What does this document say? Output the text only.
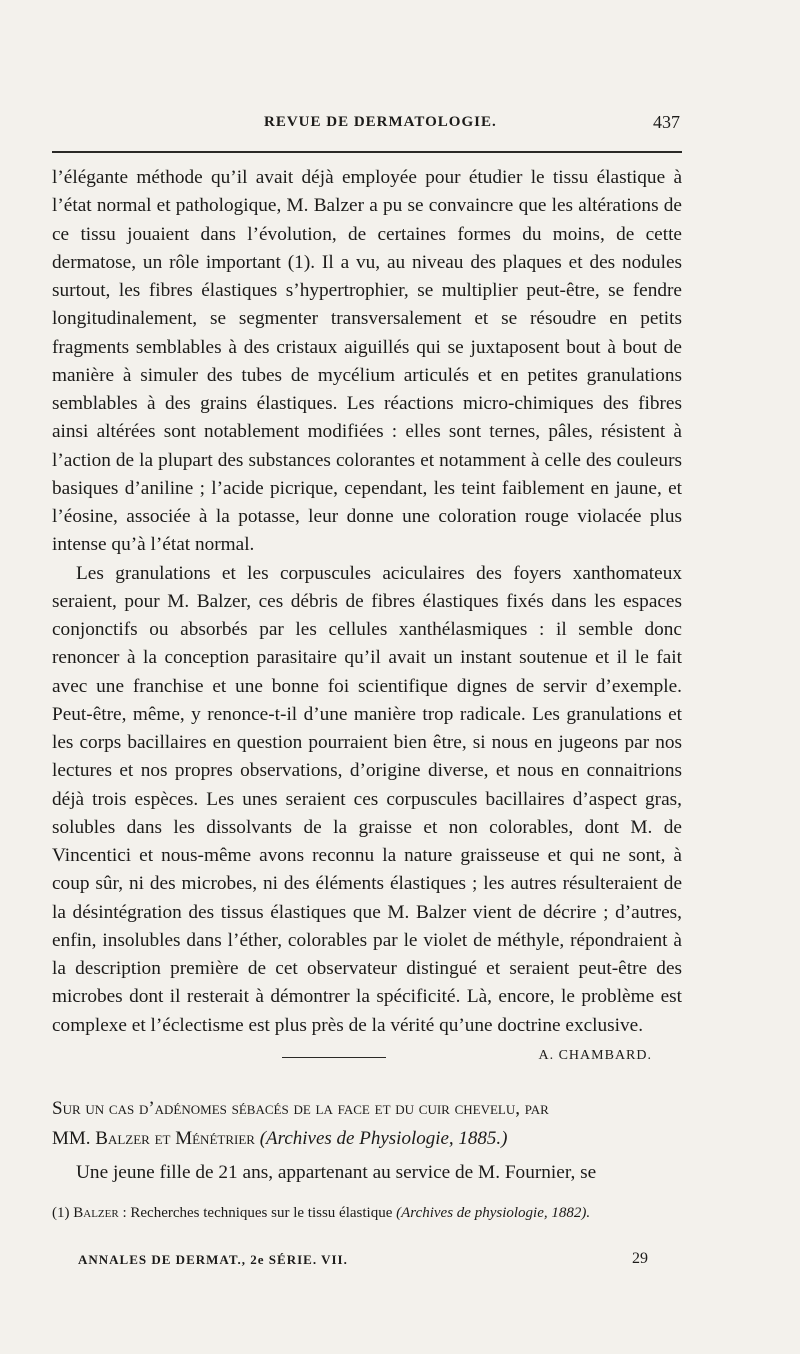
REVUE DE DERMATOLOGIE.	437

l’élégante méthode qu’il avait déjà employée pour étudier le tissu élastique à l’état normal et pathologique, M. Balzer a pu se convaincre que les altérations de ce tissu jouaient dans l’évolution, de certaines formes du moins, de cette dermatose, un rôle important (1). Il a vu, au niveau des plaques et des nodules surtout, les fibres élastiques s’hypertrophier, se multiplier peut-être, se fendre longitudinalement, se segmenter transversalement et se résoudre en petits fragments semblables à des cristaux aiguillés qui se juxtaposent bout à bout de manière à simuler des tubes de mycélium articulés et en petites granulations semblables à des grains élastiques. Les réactions micro-chimiques des fibres ainsi altérées sont notablement modifiées : elles sont ternes, pâles, résistent à l’action de la plupart des substances colorantes et notamment à celle des couleurs basiques d’aniline ; l’acide picrique, cependant, les teint faiblement en jaune, et l’éosine, associée à la potasse, leur donne une coloration rouge violacée plus intense qu’à l’état normal.

Les granulations et les corpuscules aciculaires des foyers xanthomateux seraient, pour M. Balzer, ces débris de fibres élastiques fixés dans les espaces conjonctifs ou absorbés par les cellules xanthélasmiques : il semble donc renoncer à la conception parasitaire qu’il avait un instant soutenue et il le fait avec une franchise et une bonne foi scientifique dignes de servir d’exemple. Peut-être, même, y renonce-t-il d’une manière trop radicale. Les granulations et les corps bacillaires en question pourraient bien être, si nous en jugeons par nos lectures et nos propres observations, d’origine diverse, et nous en connaitrions déjà trois espèces. Les unes seraient ces corpuscules bacillaires d’aspect gras, solubles dans les dissolvants de la graisse et non colorables, dont M. de Vincentici et nous-même avons reconnu la nature graisseuse et qui ne sont, à coup sûr, ni des microbes, ni des éléments élastiques ; les autres résulteraient de la désintégration des tissus élastiques que M. Balzer vient de décrire ; d’autres, enfin, insolubles dans l’éther, colorables par le violet de méthyle, répondraient à la description première de cet observateur distingué et seraient peut-être des microbes dont il resterait à démontrer la spécificité. Là, encore, le problème est complexe et l’éclectisme est plus près de la vérité qu’une doctrine exclusive.
A. CHAMBARD.

Sur un cas d’adénomes sébacés de la face et du cuir chevelu, par
MM. Balzer et Ménétrier (Archives de Physiologie, 1885.)
Une jeune fille de 21 ans, appartenant au service de M. Fournier, se
(1) Balzer : Recherches techniques sur le tissu élastique (Archives de physiologie, 1882).
ANNALES DE DERMAT., 2e SÉRIE. VII.	29
